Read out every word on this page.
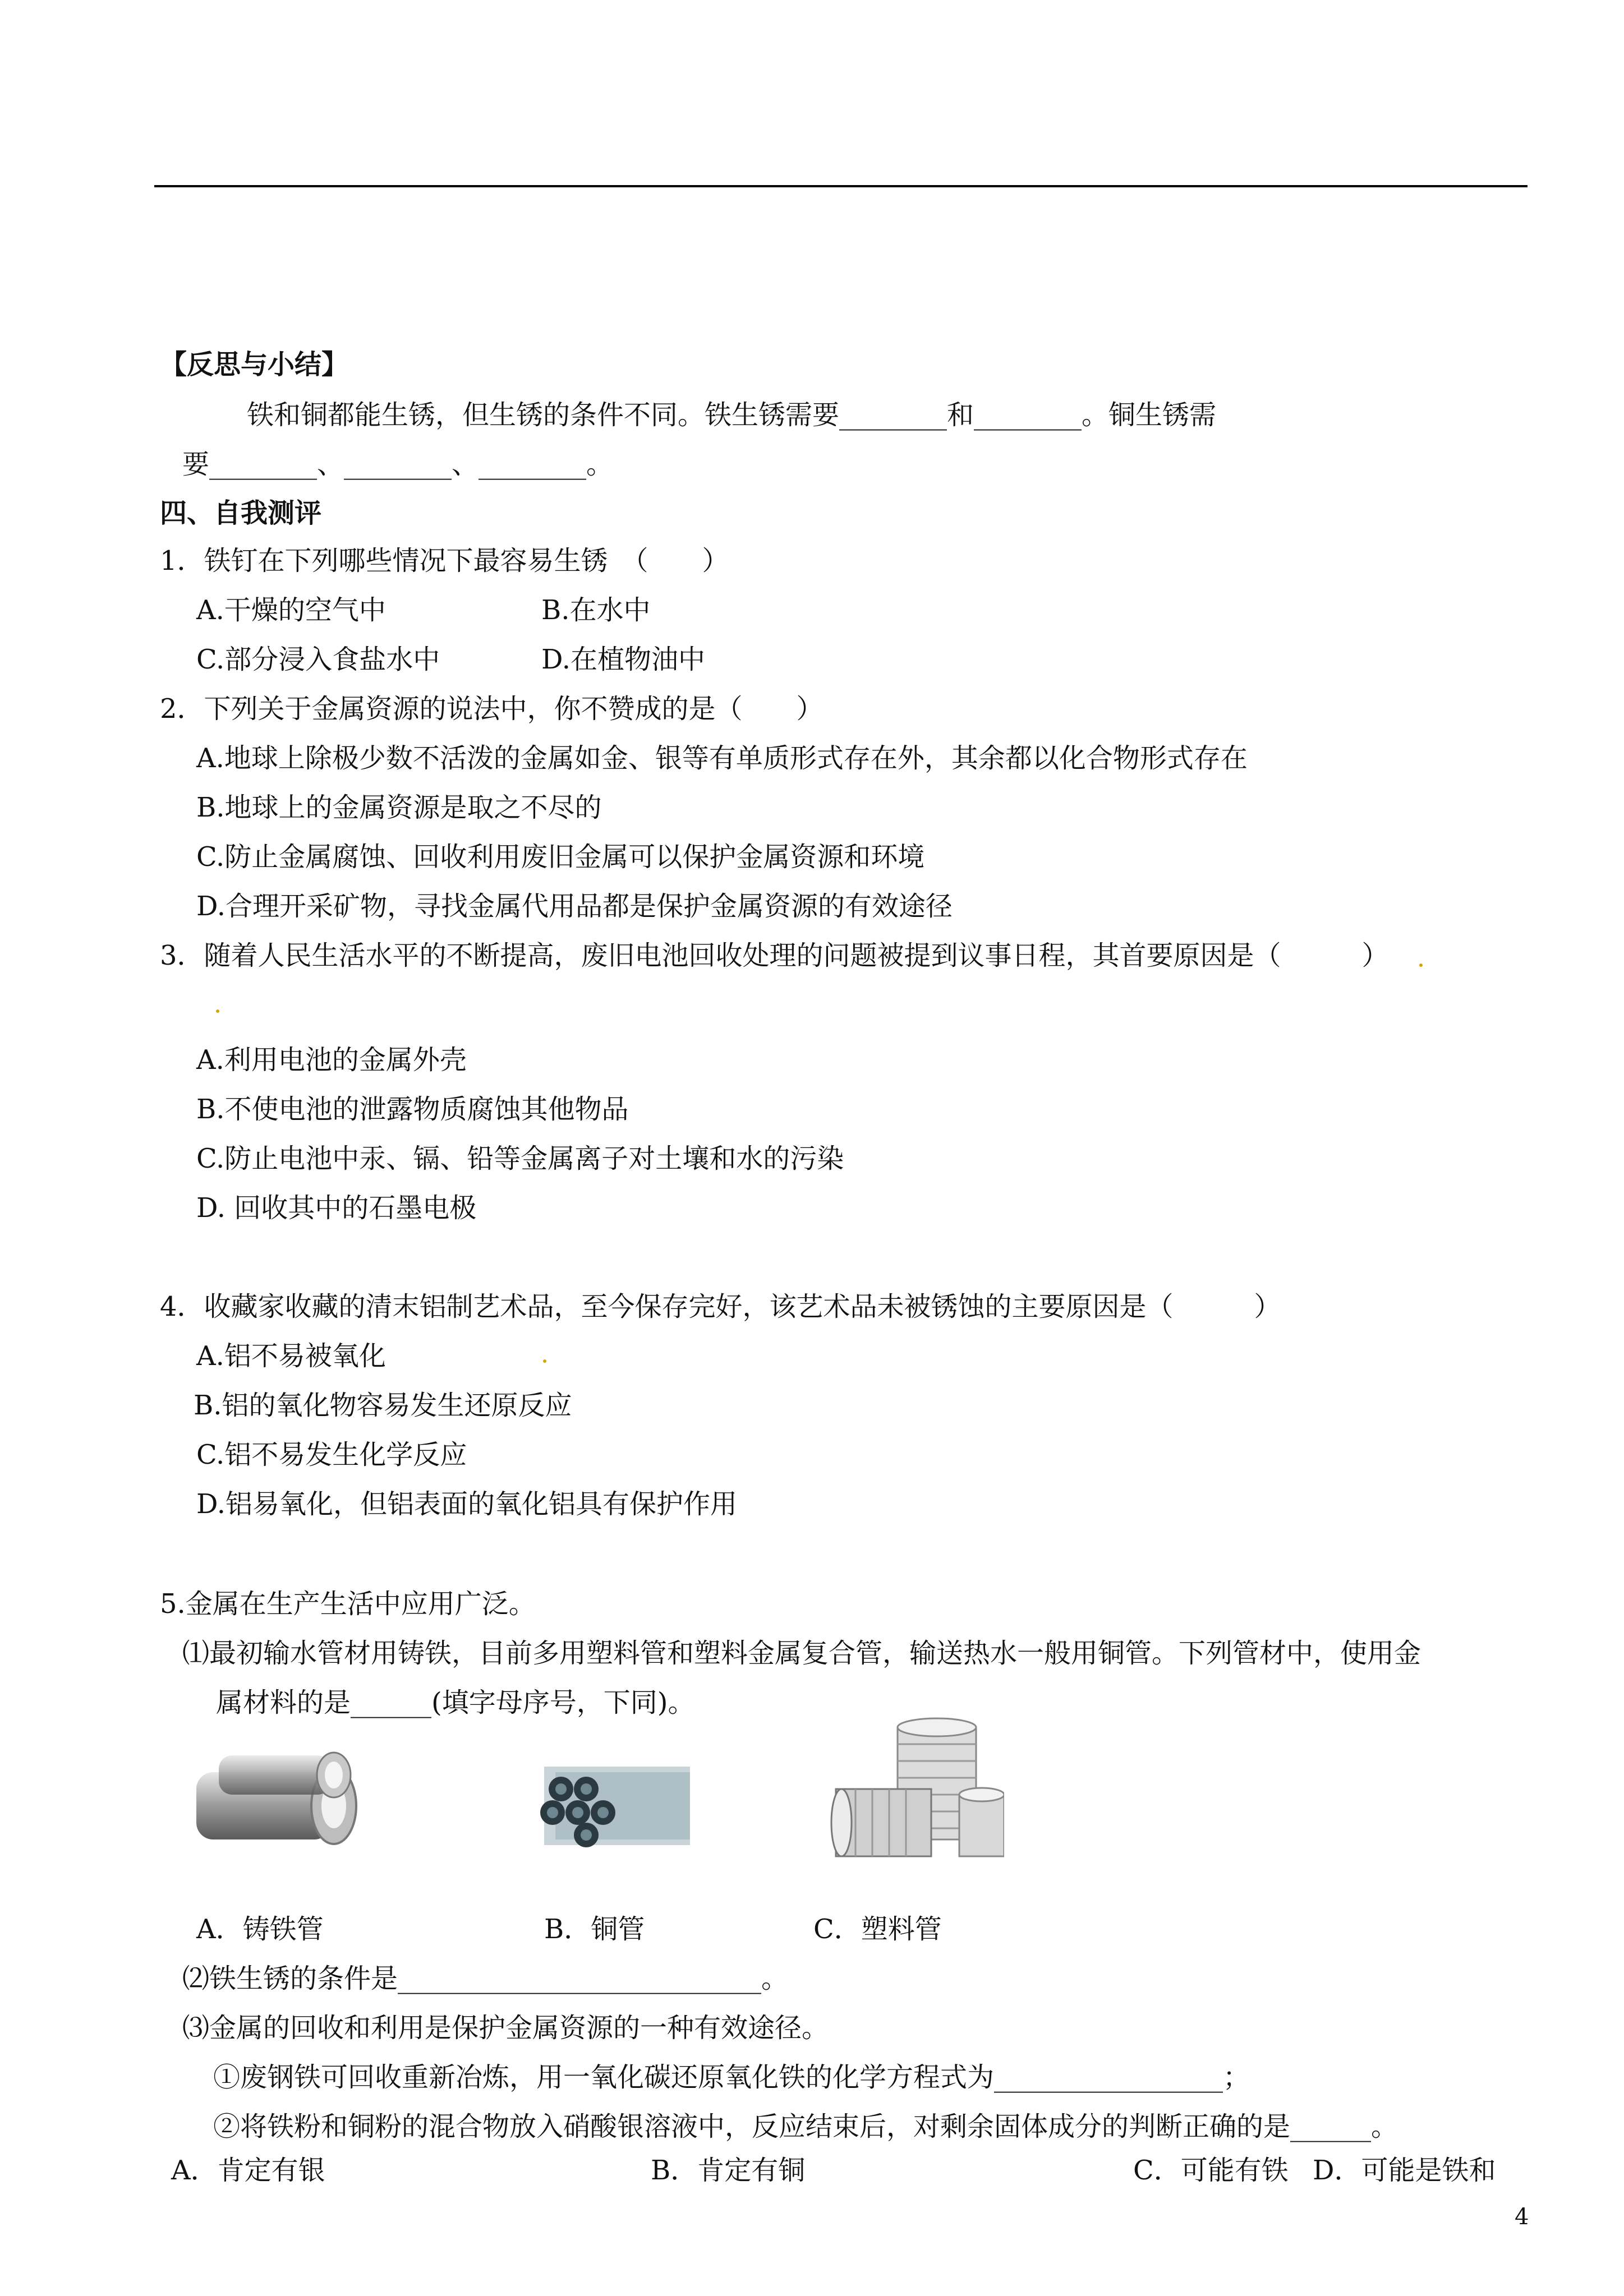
【反思与小结】
铁和铜都能生锈，但生锈的条件不同。铁生锈需要________和________。铜生锈需
要________、________、________。
四、自我测评
1．铁钉在下列哪些情况下最容易生锈　（　　）
A.干燥的空气中	B.在水中
C.部分浸入食盐水中	D.在植物油中
2．下列关于金属资源的说法中，你不赞成的是（　　）
A.地球上除极少数不活泼的金属如金、银等有单质形式存在外，其余都以化合物形式存在
B.地球上的金属资源是取之不尽的
C.防止金属腐蚀、回收利用废旧金属可以保护金属资源和环境
D.合理开采矿物，寻找金属代用品都是保护金属资源的有效途径
3．随着人民生活水平的不断提高，废旧电池回收处理的问题被提到议事日程，其首要原因是（　　　）
A.利用电池的金属外壳
B.不使电池的泄露物质腐蚀其他物品
C.防止电池中汞、镉、铅等金属离子对土壤和水的污染
D. 回收其中的石墨电极
4．收藏家收藏的清末铝制艺术品，至今保存完好，该艺术品未被锈蚀的主要原因是（　　　）
A.铝不易被氧化
B.铝的氧化物容易发生还原反应
C.铝不易发生化学反应
D.铝易氧化，但铝表面的氧化铝具有保护作用
5.金属在生产生活中应用广泛。
⑴最初输水管材用铸铁，目前多用塑料管和塑料金属复合管，输送热水一般用铜管。下列管材中，使用金
属材料的是______(填字母序号，下同)。
A．铸铁管	B．铜管	C．塑料管
⑵铁生锈的条件是___________________________。
⑶金属的回收和利用是保护金属资源的一种有效途径。
①废钢铁可回收重新冶炼，用一氧化碳还原氧化铁的化学方程式为_________________；
②将铁粉和铜粉的混合物放入硝酸银溶液中，反应结束后，对剩余固体成分的判断正确的是______。
A．肯定有银	B．肯定有铜	C．可能有铁 D．可能是铁和
4
